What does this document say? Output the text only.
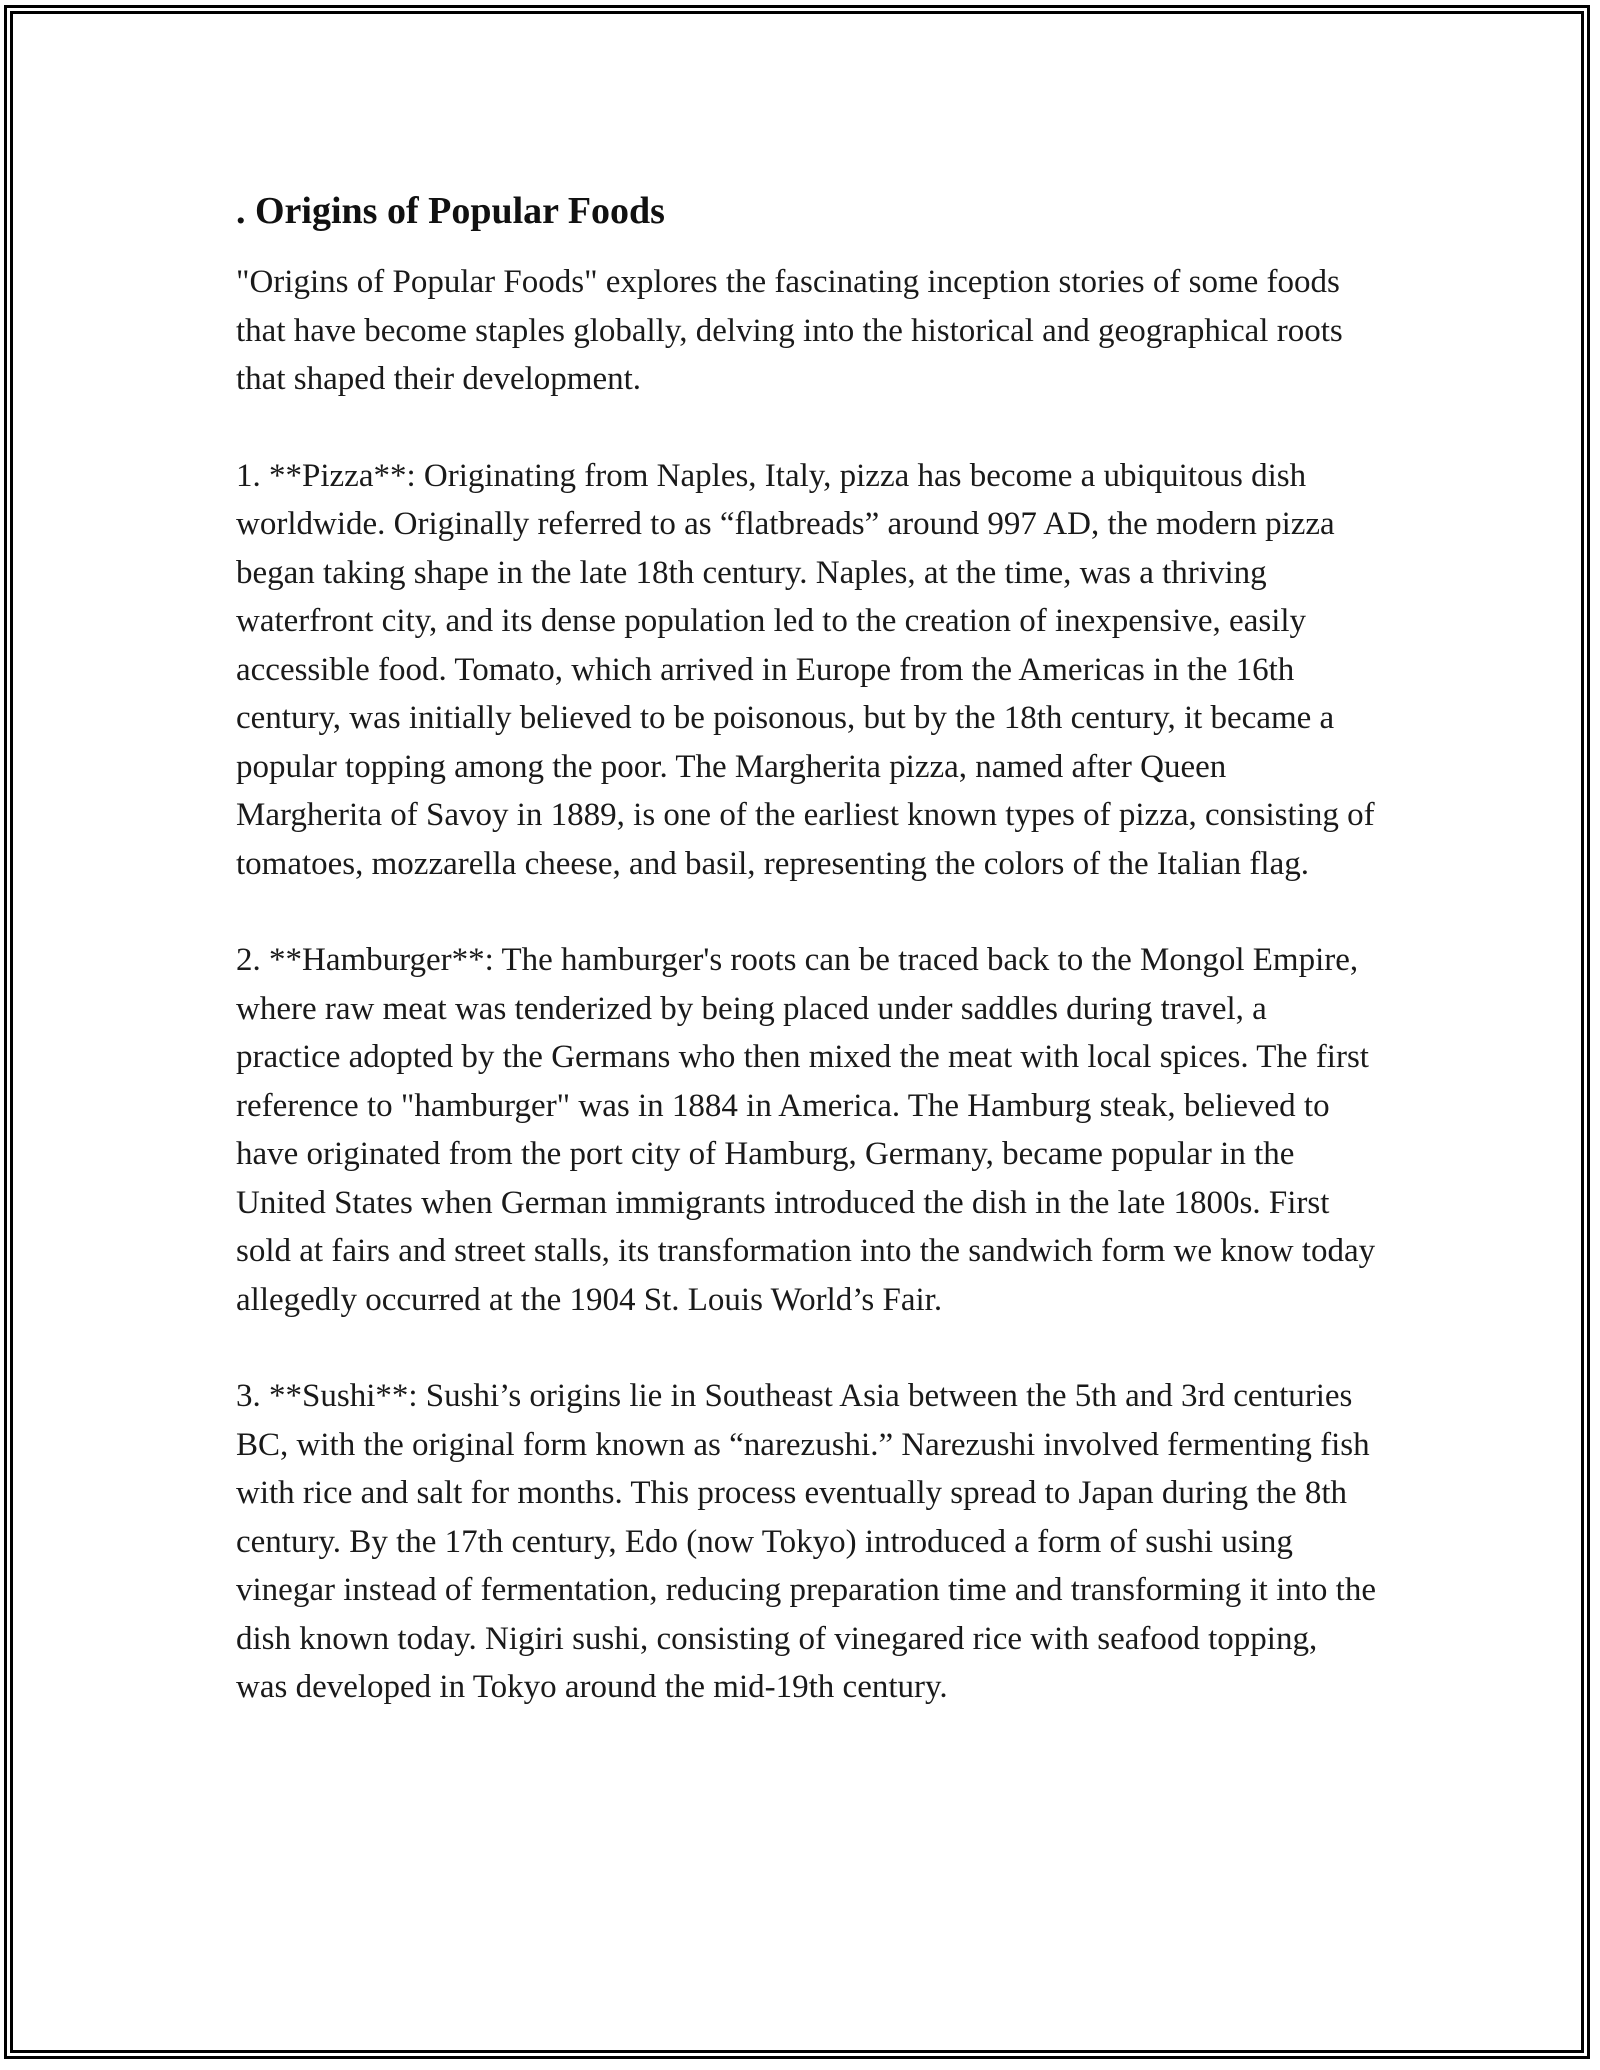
. Origins of Popular Foods

"Origins of Popular Foods" explores the fascinating inception stories of some foods that have become staples globally, delving into the historical and geographical roots that shaped their development.

1. **Pizza**: Originating from Naples, Italy, pizza has become a ubiquitous dish worldwide. Originally referred to as “flatbreads” around 997 AD, the modern pizza began taking shape in the late 18th century. Naples, at the time, was a thriving waterfront city, and its dense population led to the creation of inexpensive, easily accessible food. Tomato, which arrived in Europe from the Americas in the 16th century, was initially believed to be poisonous, but by the 18th century, it became a popular topping among the poor. The Margherita pizza, named after Queen Margherita of Savoy in 1889, is one of the earliest known types of pizza, consisting of tomatoes, mozzarella cheese, and basil, representing the colors of the Italian flag.

2. **Hamburger**: The hamburger's roots can be traced back to the Mongol Empire, where raw meat was tenderized by being placed under saddles during travel, a practice adopted by the Germans who then mixed the meat with local spices. The first reference to "hamburger" was in 1884 in America. The Hamburg steak, believed to have originated from the port city of Hamburg, Germany, became popular in the United States when German immigrants introduced the dish in the late 1800s. First sold at fairs and street stalls, its transformation into the sandwich form we know today allegedly occurred at the 1904 St. Louis World’s Fair.

3. **Sushi**: Sushi’s origins lie in Southeast Asia between the 5th and 3rd centuries BC, with the original form known as “narezushi.” Narezushi involved fermenting fish with rice and salt for months. This process eventually spread to Japan during the 8th century. By the 17th century, Edo (now Tokyo) introduced a form of sushi using vinegar instead of fermentation, reducing preparation time and transforming it into the dish known today. Nigiri sushi, consisting of vinegared rice with seafood topping, was developed in Tokyo around the mid-19th century.
